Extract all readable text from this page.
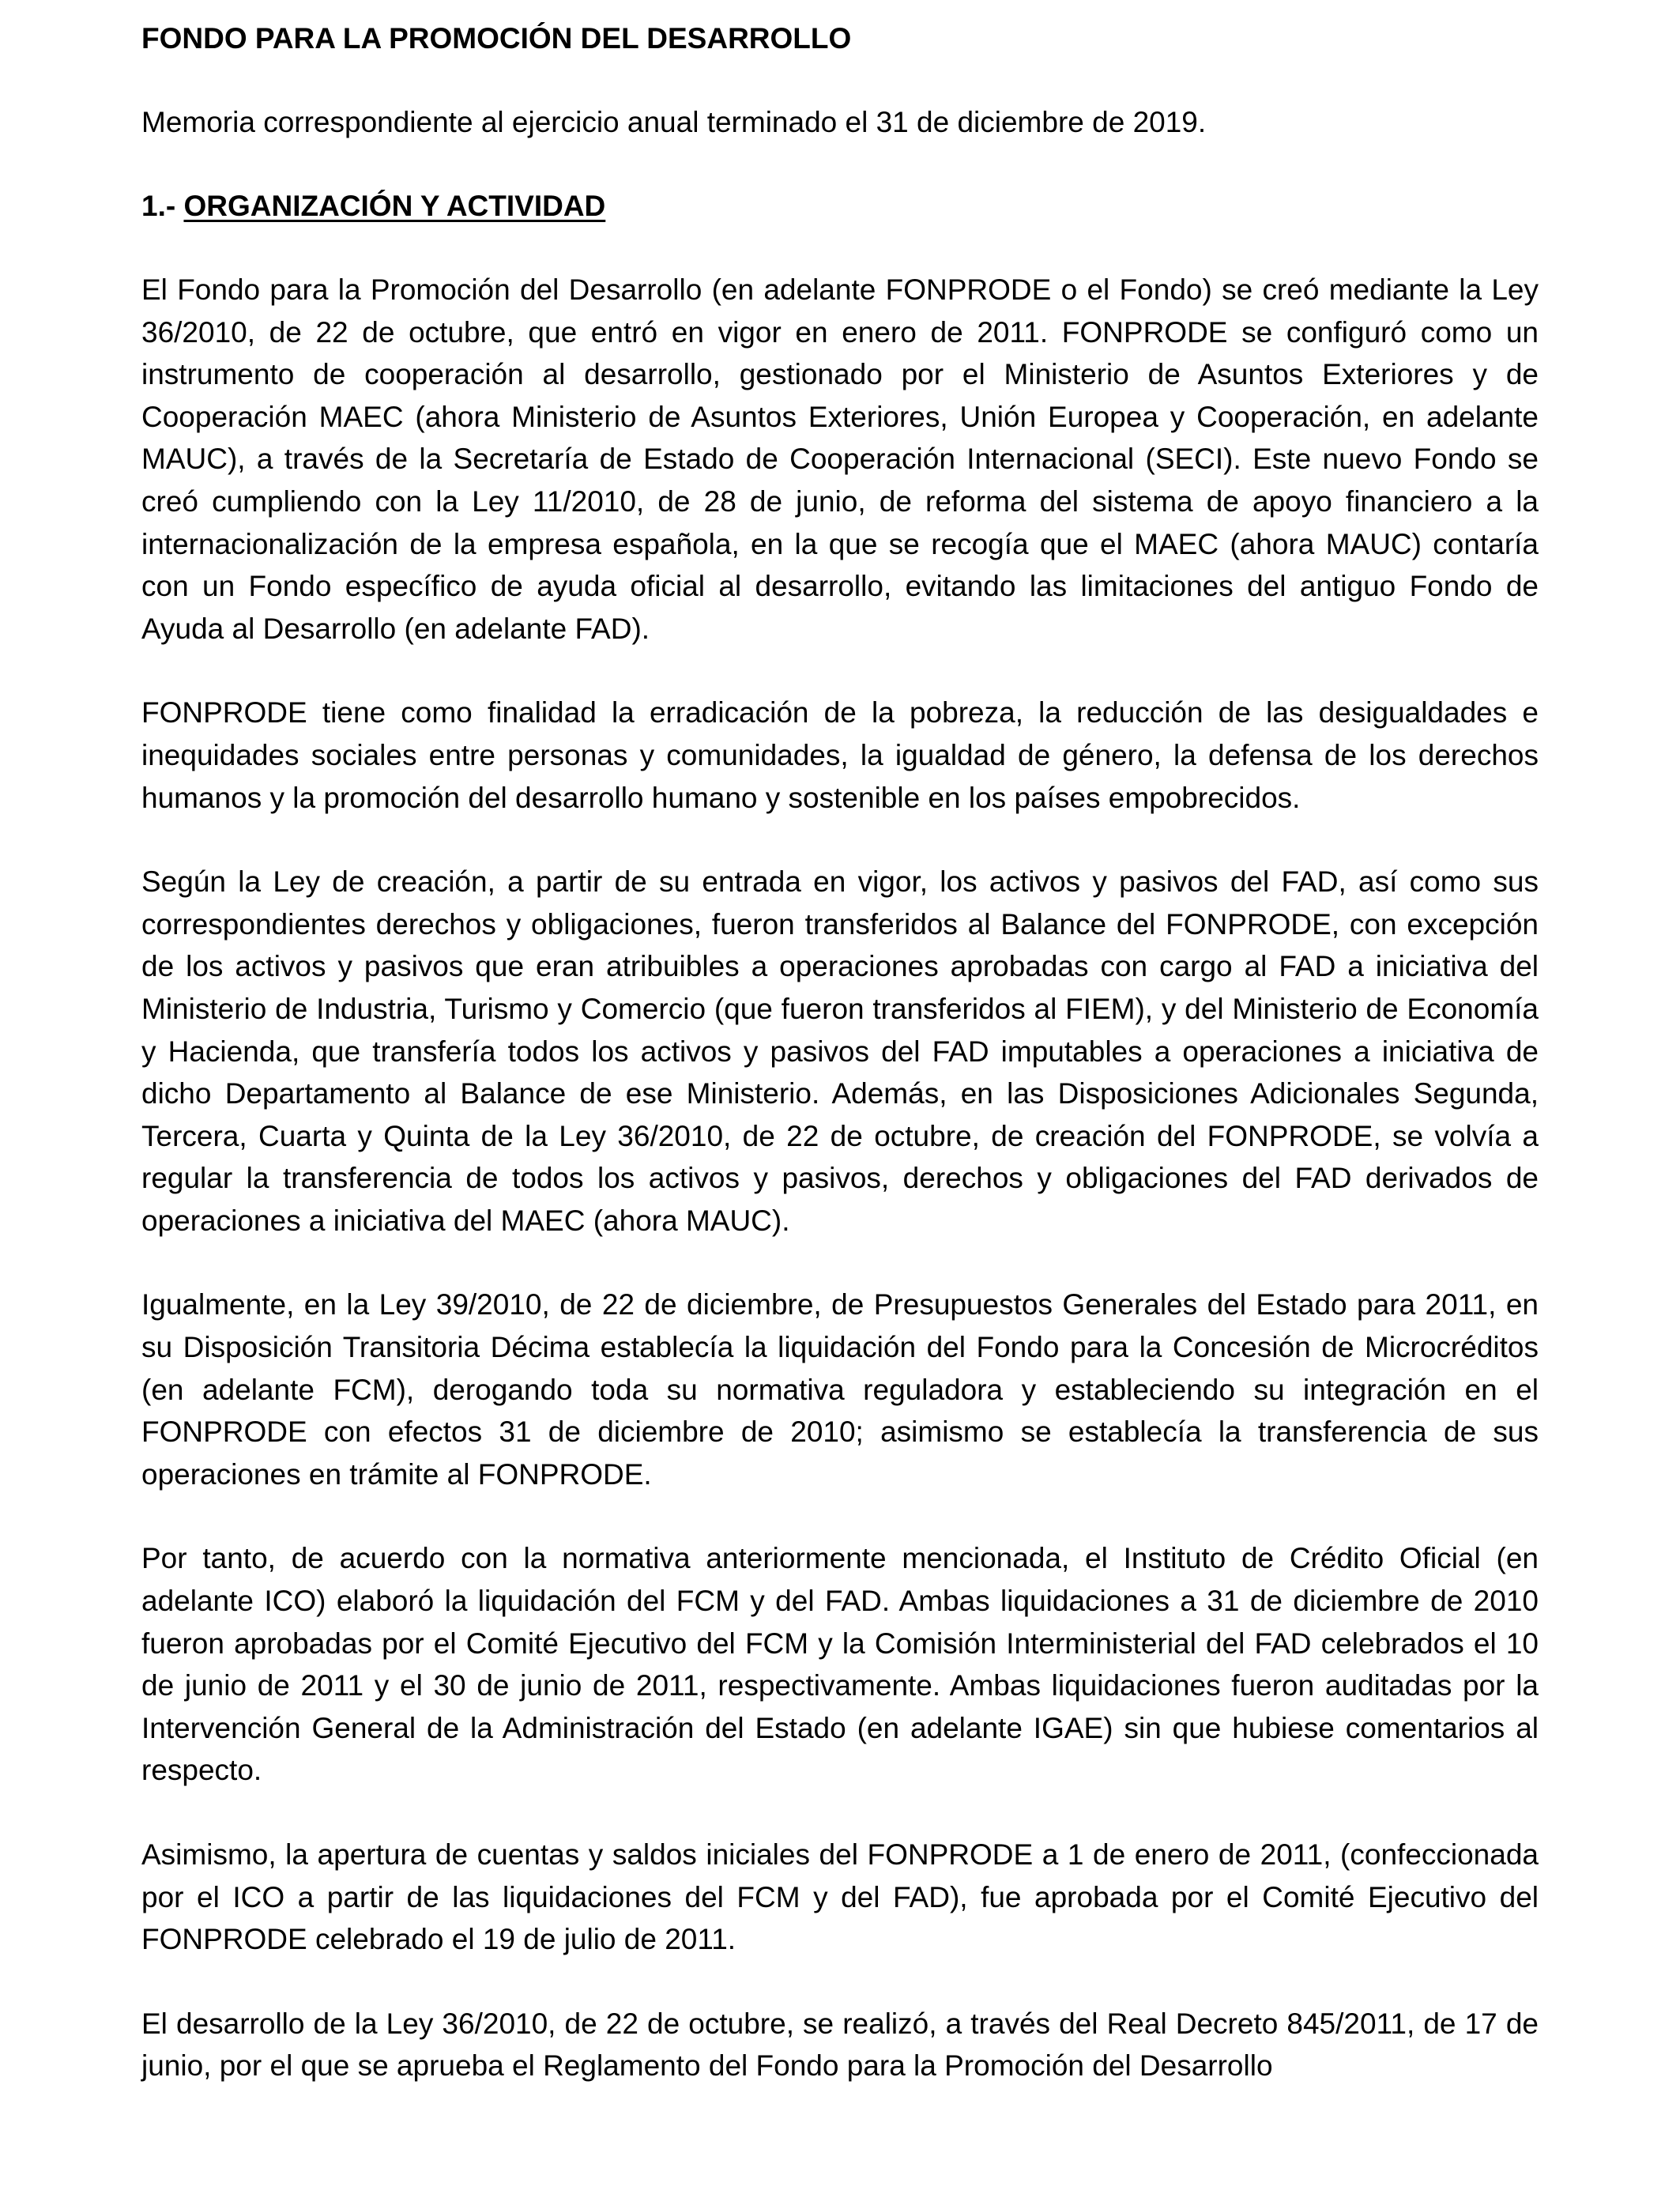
FONDO PARA LA PROMOCIÓN DEL DESARROLLO

Memoria correspondiente al ejercicio anual terminado el 31 de diciembre de 2019.

1.- ORGANIZACIÓN Y ACTIVIDAD

El Fondo para la Promoción del Desarrollo (en adelante FONPRODE o el Fondo) se creó mediante la Ley 36/2010, de 22 de octubre, que entró en vigor en enero de 2011. FONPRODE se configuró como un instrumento de cooperación al desarrollo, gestionado por el Ministerio de Asuntos Exteriores y de Cooperación MAEC (ahora Ministerio de Asuntos Exteriores, Unión Europea y Cooperación, en adelante MAUC), a través de la Secretaría de Estado de Cooperación Internacional (SECI). Este nuevo Fondo se creó cumpliendo con la Ley 11/2010, de 28 de junio, de reforma del sistema de apoyo financiero a la internacionalización de la empresa española, en la que se recogía que el MAEC (ahora MAUC) contaría con un Fondo específico de ayuda oficial al desarrollo, evitando las limitaciones del antiguo Fondo de Ayuda al Desarrollo (en adelante FAD).

FONPRODE tiene como finalidad la erradicación de la pobreza, la reducción de las desigualdades e inequidades sociales entre personas y comunidades, la igualdad de género, la defensa de los derechos humanos y la promoción del desarrollo humano y sostenible en los países empobrecidos.

Según la Ley de creación, a partir de su entrada en vigor, los activos y pasivos del FAD, así como sus correspondientes derechos y obligaciones, fueron transferidos al Balance del FONPRODE, con excepción de los activos y pasivos que eran atribuibles a operaciones aprobadas con cargo al FAD a iniciativa del Ministerio de Industria, Turismo y Comercio (que fueron transferidos al FIEM), y del Ministerio de Economía y Hacienda, que transfería todos los activos y pasivos del FAD imputables a operaciones a iniciativa de dicho Departamento al Balance de ese Ministerio. Además, en las Disposiciones Adicionales Segunda, Tercera, Cuarta y Quinta de la Ley 36/2010, de 22 de octubre, de creación del FONPRODE, se volvía a regular la transferencia de todos los activos y pasivos, derechos y obligaciones del FAD derivados de operaciones a iniciativa del MAEC (ahora MAUC).

Igualmente, en la Ley 39/2010, de 22 de diciembre, de Presupuestos Generales del Estado para 2011, en su Disposición Transitoria Décima establecía la liquidación del Fondo para la Concesión de Microcréditos (en adelante FCM), derogando toda su normativa reguladora y estableciendo su integración en el FONPRODE con efectos 31 de diciembre de 2010; asimismo se establecía la transferencia de sus operaciones en trámite al FONPRODE.

Por tanto, de acuerdo con la normativa anteriormente mencionada, el Instituto de Crédito Oficial (en adelante ICO) elaboró la liquidación del FCM y del FAD. Ambas liquidaciones a 31 de diciembre de 2010 fueron aprobadas por el Comité Ejecutivo del FCM y la Comisión Interministerial del FAD celebrados el 10 de junio de 2011 y el 30 de junio de 2011, respectivamente. Ambas liquidaciones fueron auditadas por la Intervención General de la Administración del Estado (en adelante IGAE) sin que hubiese comentarios al respecto.

Asimismo, la apertura de cuentas y saldos iniciales del FONPRODE a 1 de enero de 2011, (confeccionada por el ICO a partir de las liquidaciones del FCM y del FAD), fue aprobada por el Comité Ejecutivo del FONPRODE celebrado el 19 de julio de 2011.

El desarrollo de la Ley 36/2010, de 22 de octubre, se realizó, a través del Real Decreto 845/2011, de 17 de junio, por el que se aprueba el Reglamento del Fondo para la Promoción del Desarrollo
